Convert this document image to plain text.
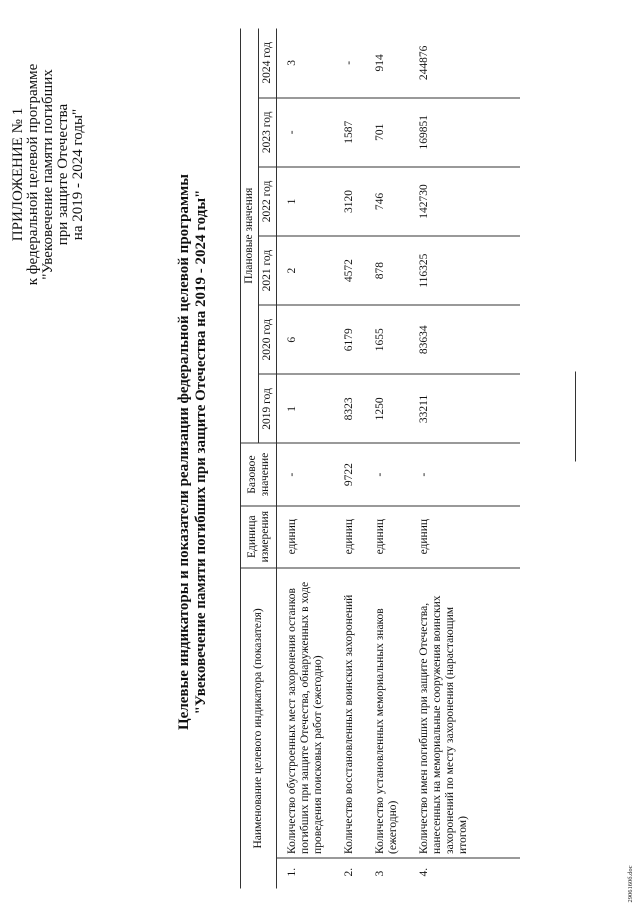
ПРИЛОЖЕНИЕ № 1 к федеральной целевой программе "Увековечение памяти погибших при защите Отечества на 2019 - 2024 годы"	Целевые индикаторы и показатели реализации федеральной целевой программы "Увековечение памяти погибших при защите Отечества на 2019 - 2024 годы"
Наименование целевого индикатора (показателя)		Единица измерения	Базовое значение	Плановые значения					
				2019 год	2020 год	2021 год	2022 год	2023 год	2024 год
1.	Количество обустроенных мест захоронения останков погибших при защите Отечества, обнаруженных в ходе проведения поисковых работ (ежегодно)	единиц	-	1	6	2	1	-	3
2.	Количество восстановленных воинских захоронений	единиц	9722	8323	6179	4572	3120	1587	-
3	Количество установленных мемориальных знаков (ежегодно)	единиц	-	1250	1655	878	746	701	914
4.	Количество имен погибших при защите Отечества, нанесенных на мемориальные сооружения воинских захоронений по месту захоронения (нарастающим итогом)	единиц	-	33211	83634	116325	142730	169851	244876
2906160б.doc
